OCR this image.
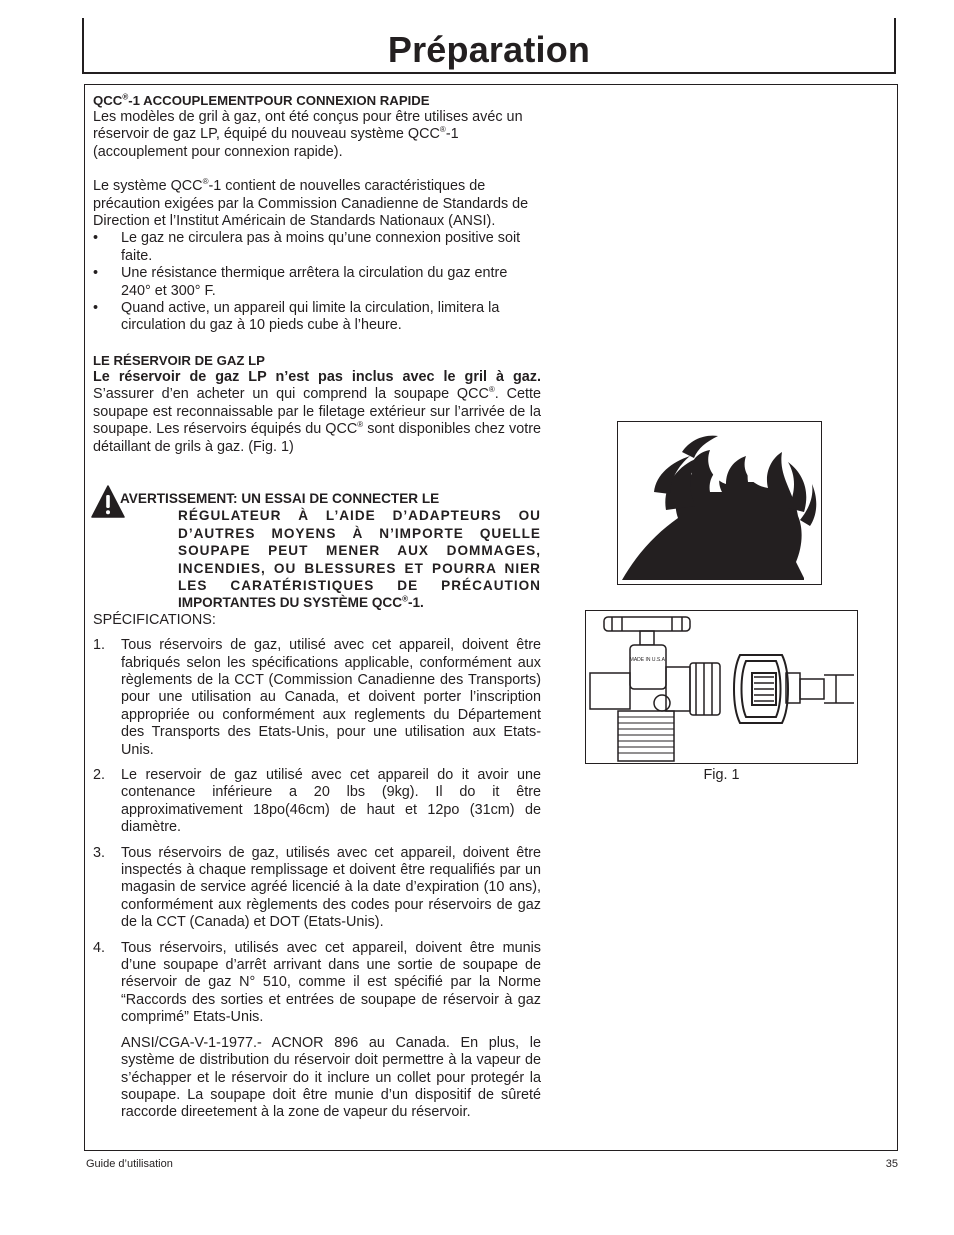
Préparation

QCC®-1 ACCOUPLEMENTPOUR CONNEXION RAPIDE

Les modèles de gril à gaz, ont été conçus pour être utilises avéc un réservoir de gaz LP, équipé du nouveau système QCC®-1 (accouplement pour connexion rapide).

Le système QCC®-1 contient de nouvelles caractéristiques de précaution exigées par la Commission Canadienne de Standards de Direction et l’Institut Américain de Standards Nationaux (ANSI).

• Le gaz ne circulera pas à moins qu’une connexion positive soit faite.
• Une résistance thermique arrêtera la circulation du gaz entre 240° et 300° F.
• Quand active, un appareil qui limite la circulation, limitera la circulation du gaz à 10 pieds cube à l’heure.

LE RÉSERVOIR DE GAZ LP

Le réservoir de gaz LP n’est pas inclus avec le gril à gaz. S’assurer d’en acheter un qui comprend la soupape QCC®. Cette soupape est reconnaissable par le filetage extérieur sur l’arrivée de la soupape. Les réservoirs équipés du QCC® sont disponibles chez votre détaillant de grils à gaz. (Fig. 1)

AVERTISSEMENT: UN ESSAI DE CONNECTER LE
RÉGULATEUR À L’AIDE D’ADAPTEURS OU
D’AUTRES MOYENS À N’IMPORTE QUELLE
SOUPAPE PEUT MENER AUX DOMMAGES,
INCENDIES, OU BLESSURES ET POURRA NIER
LES CARATÉRISTIQUES DE PRÉCAUTION
IMPORTANTES DU SYSTÈME QCC®-1.

SPÉCIFICATIONS:

1. Tous réservoirs de gaz, utilisé avec cet appareil, doivent être fabriqués selon les spécifications applicable, conformément aux règlements de la CCT (Commission Canadienne des Transports) pour une utilisation au Canada, et doivent porter l’inscription appropriée ou conformément aux reglements du Département des Transports des Etats-Unis, pour une utilisation aux Etats-Unis.
2. Le reservoir de gaz utilisé avec cet appareil do it avoir une contenance inférieure a 20 lbs (9kg). Il do it être approximativement 18po(46cm) de haut et 12po (31cm) de diamètre.
3. Tous réservoirs de gaz, utilisés avec cet appareil, doivent être inspectés à chaque remplissage et doivent être requalifiés par un magasin de service agréé licencié à la date d’expiration (10 ans), conformément aux règlements des codes pour réservoirs de gaz de la CCT (Canada) et DOT (Etats-Unis).
4. Tous réservoirs, utilisés avec cet appareil, doivent être munis d’une soupape d’arrêt arrivant dans une sortie de soupape de réservoir de gaz N° 510, comme il est spécifié par la Norme “Raccords des sorties et entrées de soupape de réservoir à gaz comprimé” Etats-Unis.
ANSI/CGA-V-1-1977.- ACNOR 896 au Canada. En plus, le système de distribution du réservoir doit permettre à la vapeur de s’échapper et le réservoir do it inclure un collet pour protegér la soupape. La soupape doit être munie d’un dispositif de sûreté raccorde direetement à la zone de vapeur du réservoir.
MADE IN U.S.A.
Fig. 1
Guide d’utilisation	35
